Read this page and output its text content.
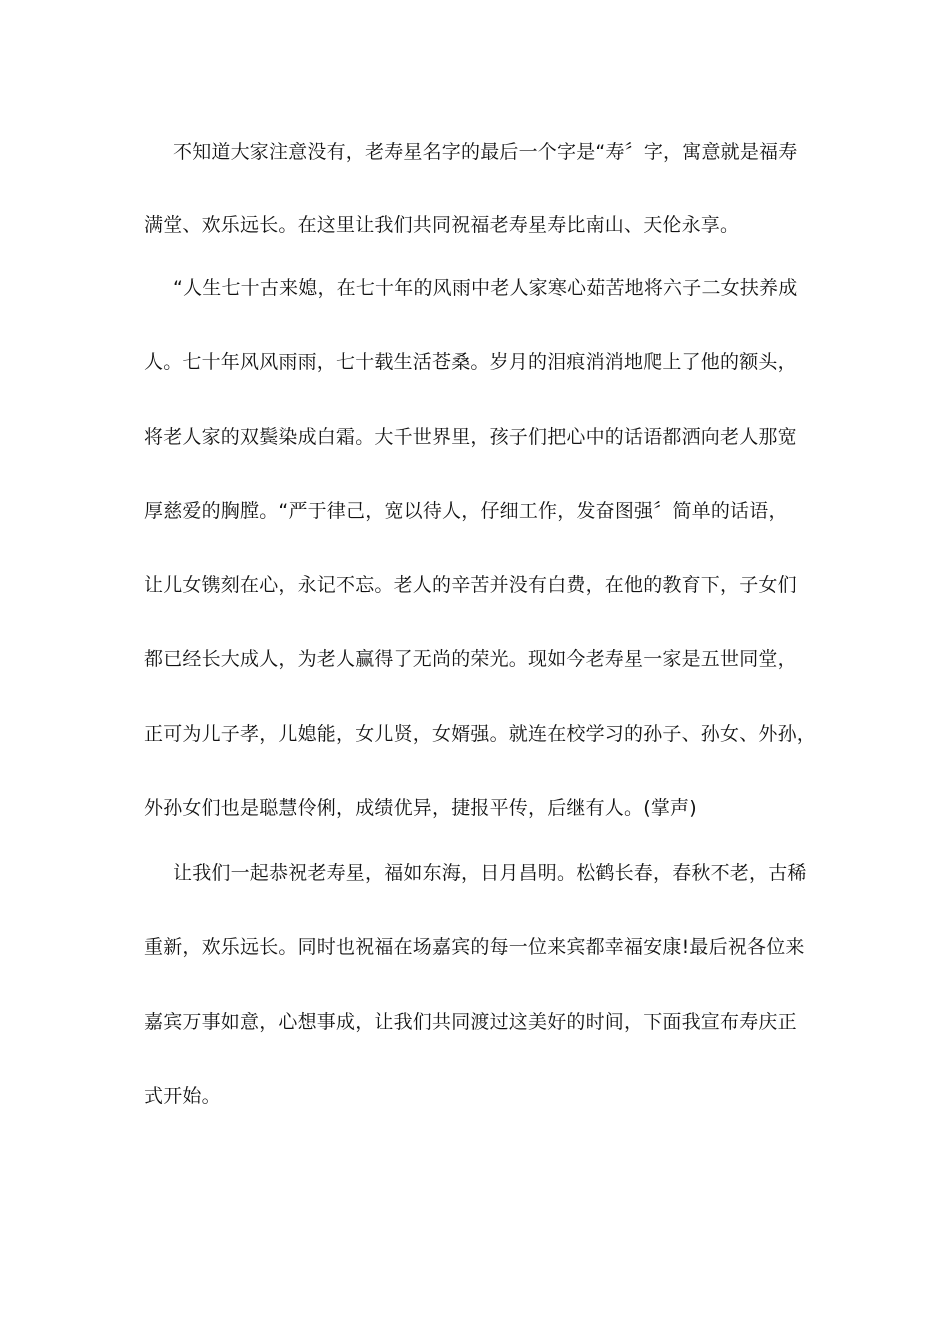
不知道大家注意没有，老寿星名字的最后一个字是“寿〞字，寓意就是福寿
满堂、欢乐远长。在这里让我们共同祝福老寿星寿比南山、天伦永享。
“人生七十古来媳，在七十年的风雨中老人家寒心茹苦地将六子二女扶养成
人。七十年风风雨雨，七十载生活苍桑。岁月的泪痕消消地爬上了他的额头，
将老人家的双鬓染成白霜。大千世界里，孩子们把心中的话语都洒向老人那宽
厚慈爱的胸膛。“严于律己，宽以待人，仔细工作，发奋图强〞简单的话语，
让儿女镌刻在心，永记不忘。老人的辛苦并没有白费，在他的教育下，子女们
都已经长大成人，为老人赢得了无尚的荣光。现如今老寿星一家是五世同堂，
正可为儿子孝，儿媳能，女儿贤，女婿强。就连在校学习的孙子、孙女、外孙，
外孙女们也是聪慧伶俐，成绩优异，捷报平传，后继有人。(掌声)
让我们一起恭祝老寿星，福如东海，日月昌明。松鹤长春，春秋不老，古稀
重新，欢乐远长。同时也祝福在场嘉宾的每一位来宾都幸福安康!最后祝各位来
嘉宾万事如意，心想事成，让我们共同渡过这美好的时间，下面我宣布寿庆正
式开始。
